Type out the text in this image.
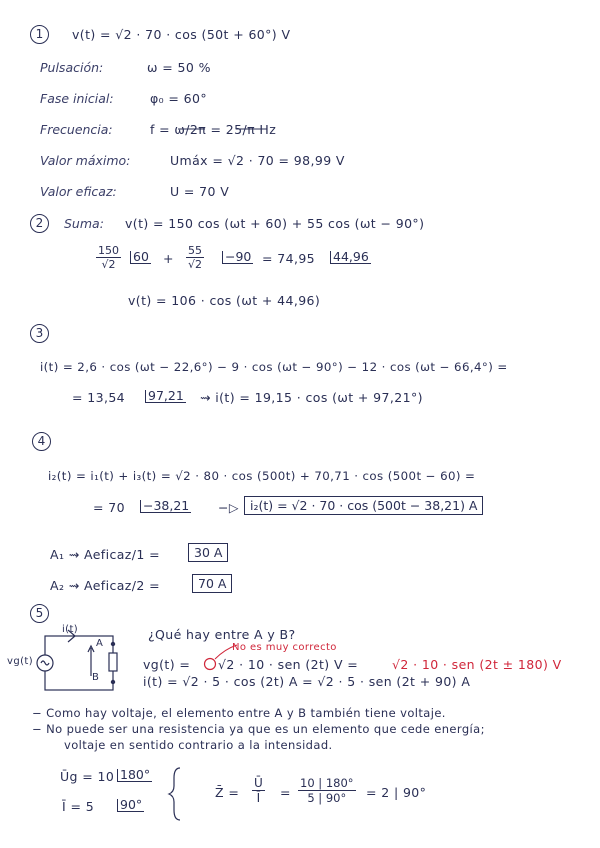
1	v(t) = √2 · 70 · cos (50t + 60°) V
Pulsación:	ω = 50 %
Fase inicial:	φ₀ = 60°
Frecuencia:	f = ω/2π = 25/π Hz
Valor máximo:	Umáx = √2 · 70 = 98,99 V
Valor eficaz:	U = 70 V
2	Suma: v(t) = 150 cos (ωt + 60) + 55 cos (ωt − 90°)
$\frac{150}{√2} 60 + \frac{55}{√2} -90 = 74,95$ 44,96
v(t) = 106 · cos (ωt + 44,96)
3
i(t) = 2,6 · cos (ωt − 22,6°) − 9 · cos (ωt − 90°) − 12 · cos (ωt − 66,4°) =
= 13,54 97,21 ⇝ i(t) = 19,15 · cos (ωt + 97,21°)
4
i₂(t) = i₁(t) + i₃(t) = √2 · 80 · cos (500t) + 70,71 · cos (500t − 60) =
= 70 −38,21 −▷ i₂(t) = √2 · 70 · cos (500t − 38,21) A
A₁ ⇝ Aeficaz/1 =	30 A
A₂ ⇝ Aeficaz/2 =	70 A
5
¿Qué hay entre A y B?
i(t)
vg(t)
A
B
No es muy correcto
vg(t) = √2 · 10 · sen (2t) V =	√2 · 10 · sen (2t ± 180) V
i(t) = √2 · 5 · cos (2t) A = √2 · 5 · sen (2t + 90) A
− Como hay voltaje, el elemento entre A y B también tiene voltaje.
− No puede ser una resistencia ya que es un elemento que cede energía;
voltaje en sentido contrario a la intensidad.
Ūg = 10 180°
Ī = 5 90°
Z̄ = $\frac{Ū}{Ī} = \frac{10 | 180^\circ}{5 | 90^\circ} = 2$ | 90°
